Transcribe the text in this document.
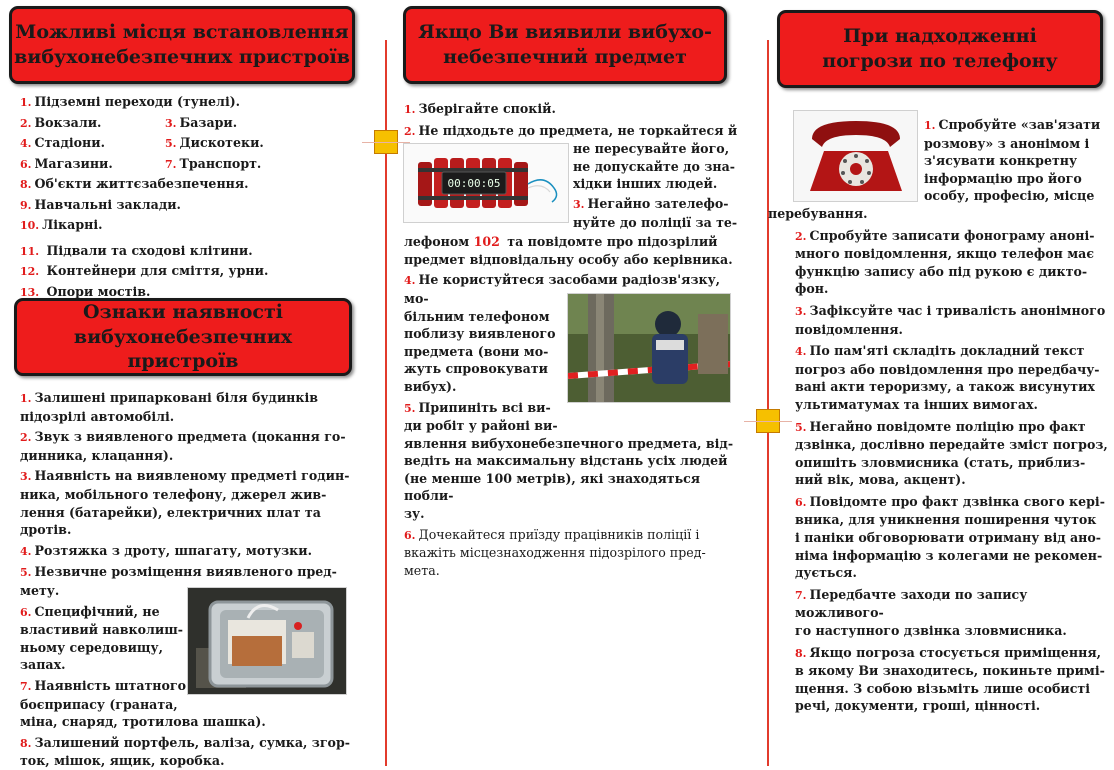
Можливі місця встановлення
вибухонебезпечних пристроїв
1. Підземні переходи (тунелі).
2. Вокзали.	3. Базари.
4. Стадіони.	5. Дискотеки.
6. Магазини.	7. Транспорт.
8. Об'єкти життєзабезпечення.
9. Навчальні заклади.
10. Лікарні.
11. Підвали та сходові клітини.
12. Контейнери для сміття, урни.
13. Опори мостів.
Ознаки наявності
вибухонебезпечних пристроїв
1. Залишені припарковані біля будинків
підозрілі автомобілі.
2. Звук з виявленого предмета (цокання го-
динника, клацання).
3. Наявність на виявленому предметі годин-
ника, мобільного телефону, джерел жив-
лення (батарейки), електричних плат та
дротів.
4. Розтяжка з дроту, шпагату, мотузки.
5. Незвичне розміщення виявленого пред-
мету.
6. Специфічний, не
властивий навколиш-
ньому середовищу,
запах.
7. Наявність штатного
боєприпасу (граната,
міна, снаряд, тротилова шашка).
8. Залишений портфель, валіза, сумка, згор-
ток, мішок, ящик, коробка.
Якщо Ви виявили вибухо-
небезпечний предмет
00:00:05
1. Зберігайте спокій.
2. Не підходьте до предмета, не торкайтеся й
не пересувайте його,
не допускайте до зна-
хідки інших людей.
3. Негайно зателефо-
нуйте до поліції за те-
лефоном 102 та повідомте про підозрілий
предмет відповідальну особу або керівника.
4. Не користуйтеся засобами радіозв'язку, мо-
більним телефоном
поблизу виявленого
предмета (вони мо-
жуть спровокувати
вибух).
5. Припиніть всі ви-
ди робіт у районі ви-
явлення вибухонебезпечного предмета, від-
ведіть на максимальну відстань усіх людей
(не менше 100 метрів), які знаходяться побли-
зу.
6. Дочекайтеся приїзду працівників поліції і
вкажіть місцезнаходження підозрілого пред-
мета.
При надходженні
погрози по телефону
1. Спробуйте «зав'язати
розмову» з анонімом і
з'ясувати конкретну
інформацію про його
особу, професію, місце
перебування.
2. Спробуйте записати фонограму аноні-
много повідомлення, якщо телефон має
функцію запису або під рукою є дикто-
фон.
3. Зафіксуйте час і тривалість анонімного
повідомлення.
4. По пам'яті складіть докладний текст
погроз або повідомлення про передбачу-
вані акти тероризму, а також висунутих
ультиматумах та інших вимогах.
5. Негайно повідомте поліцію про факт
дзвінка, дослівно передайте зміст погроз,
опишіть зловмисника (стать, приблиз-
ний вік, мова, акцент).
6. Повідомте про факт дзвінка свого кері-
вника, для уникнення поширення чуток
і паніки обговорювати отриману від ано-
німа інформацію з колегами не рекомен-
дується.
7. Передбачте заходи по запису можливого-
го наступного дзвінка зловмисника.
8. Якщо погроза стосується приміщення,
в якому Ви знаходитесь, покиньте примі-
щення. З собою візьміть лише особисті
речі, документи, гроші, цінності.
